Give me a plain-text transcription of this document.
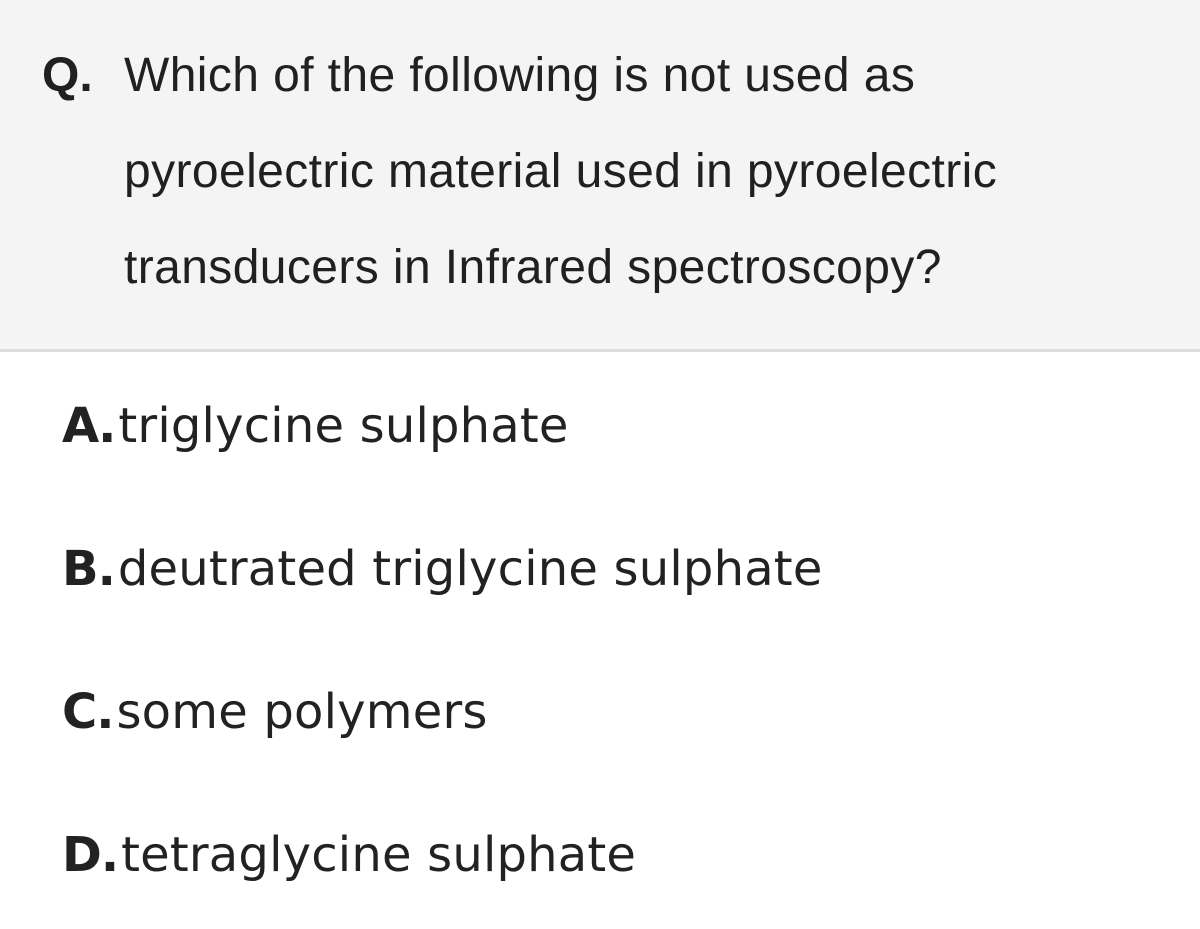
Q. Which of the following is not used as pyroelectric material used in pyroelectric transducers in Infrared spectroscopy?
A . triglycine sulphate
B . deutrated triglycine sulphate
C . some polymers
D . tetraglycine sulphate
